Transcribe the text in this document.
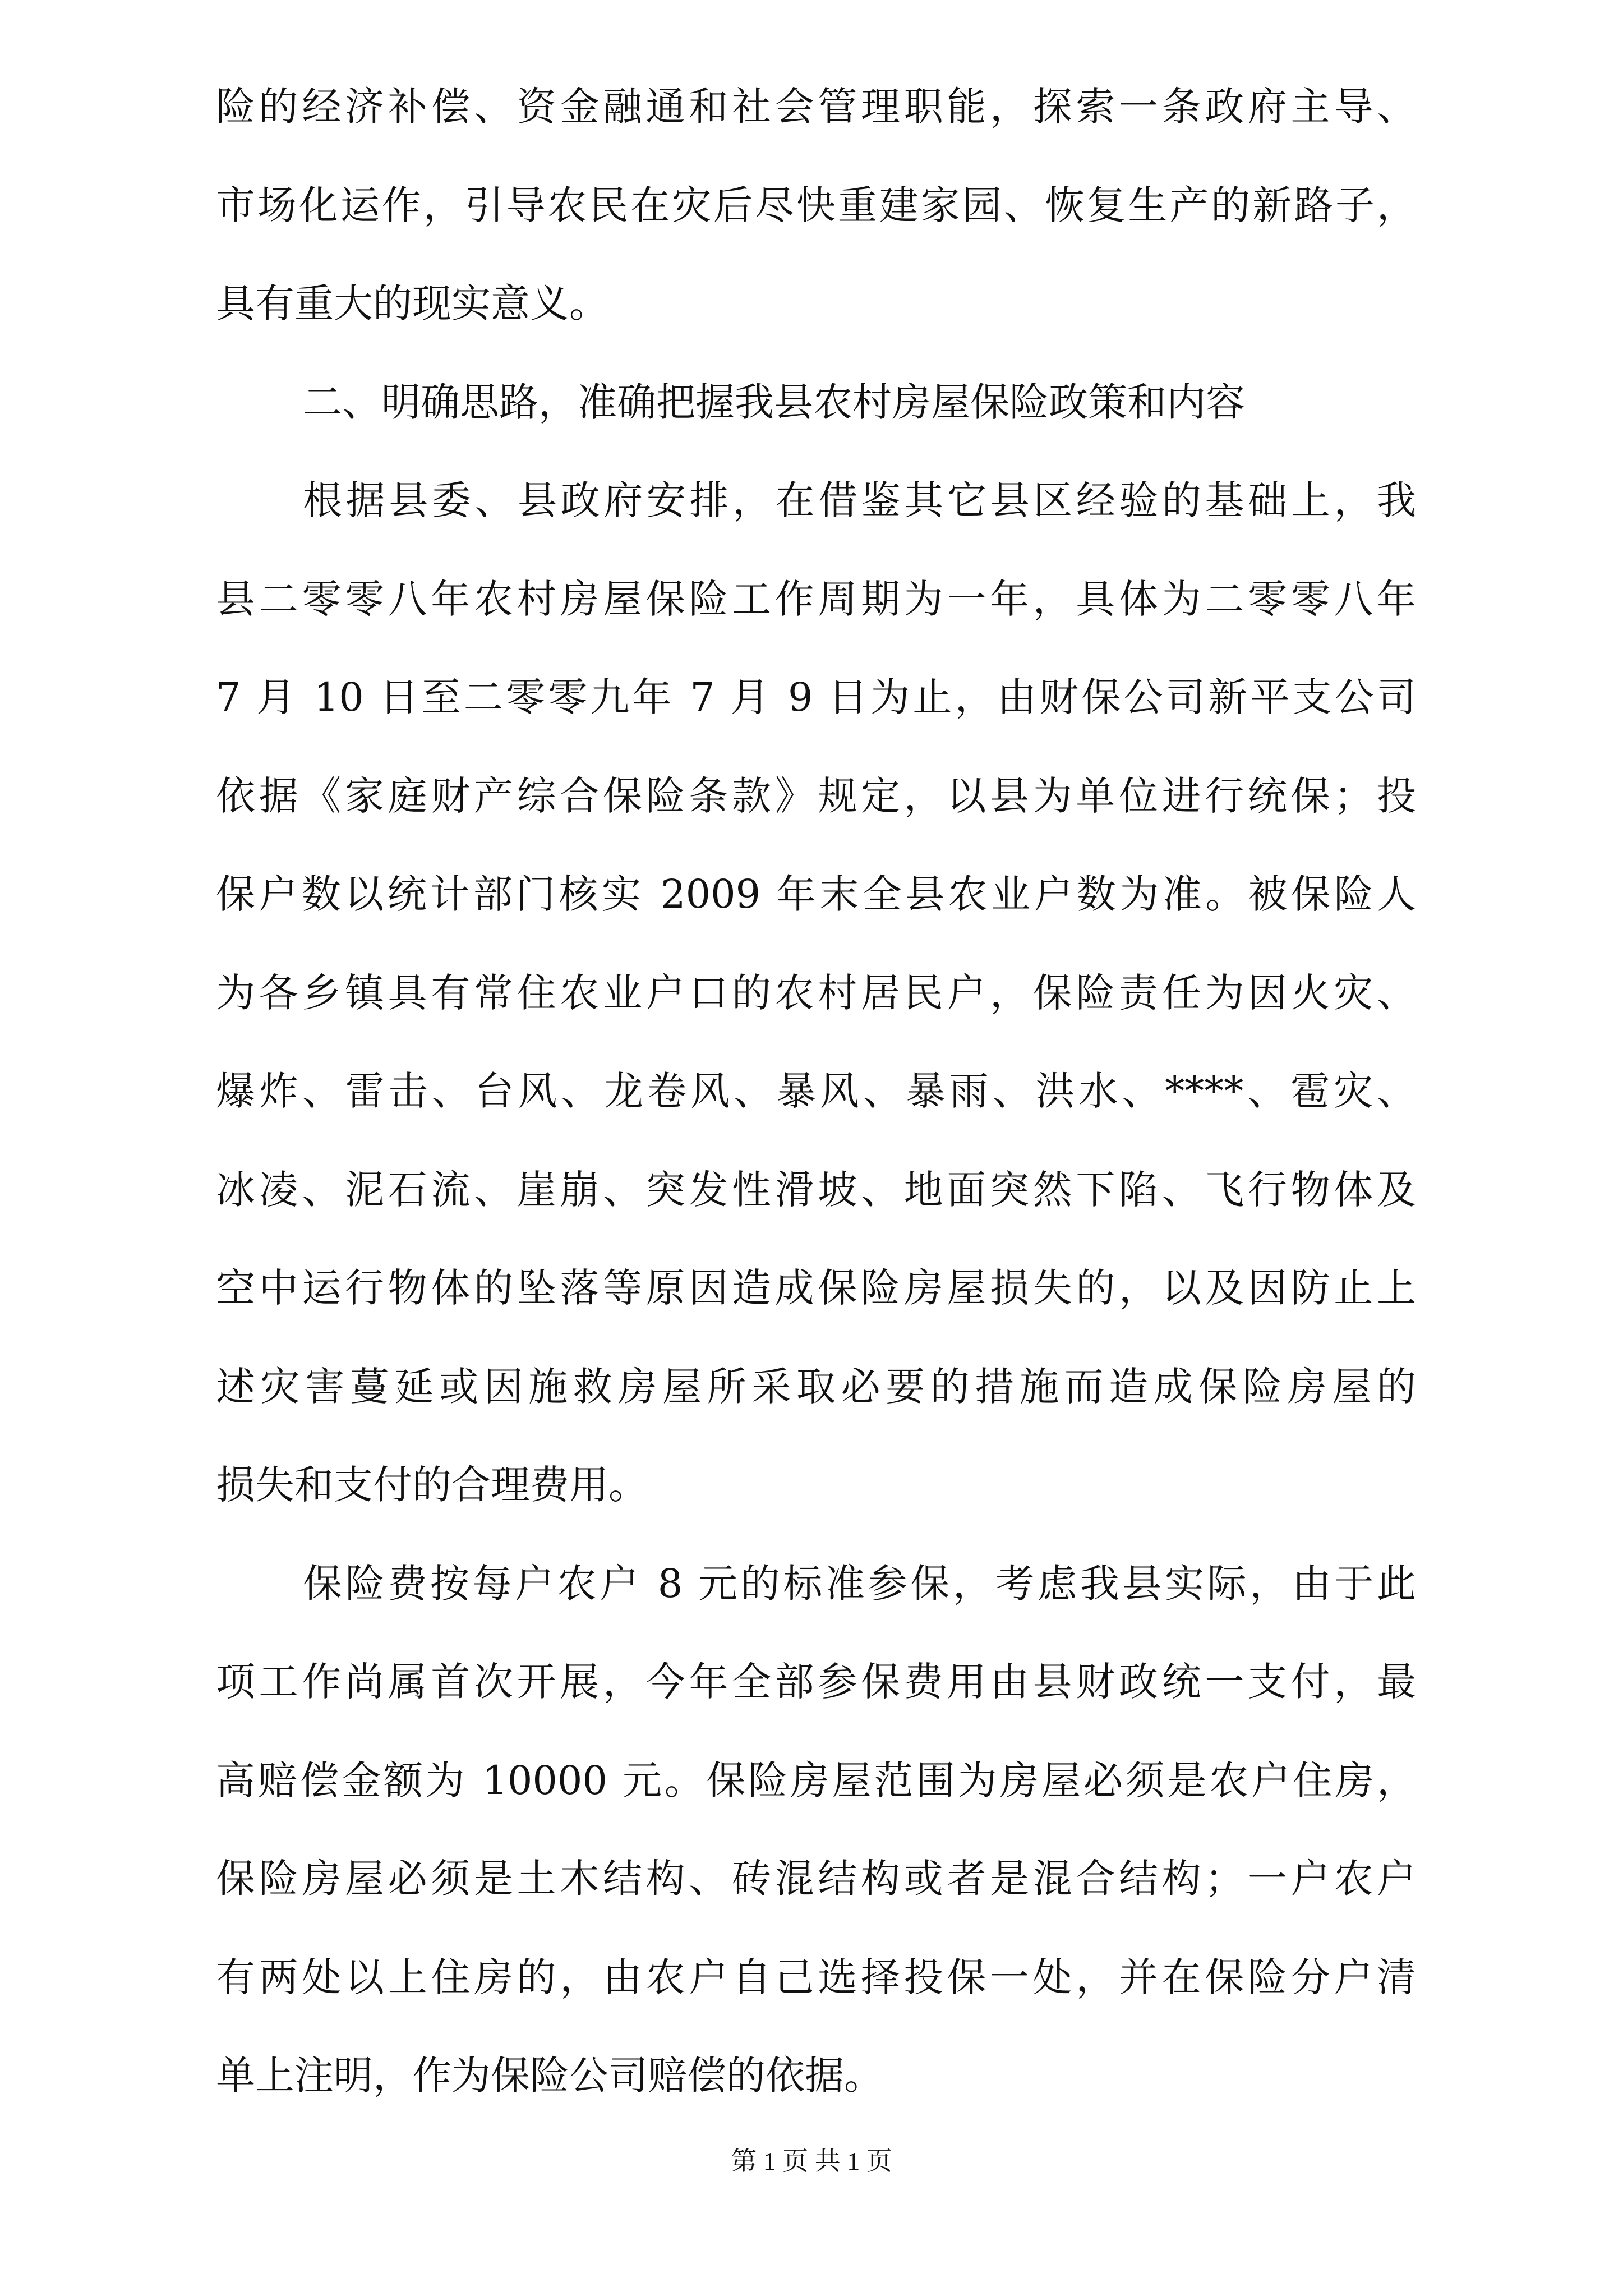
险的经济补偿、资金融通和社会管理职能，探索一条政府主导、
市场化运作，引导农民在灾后尽快重建家园、恢复生产的新路子，
具有重大的现实意义。
二、明确思路，准确把握我县农村房屋保险政策和内容
根据县委、县政府安排，在借鉴其它县区经验的基础上，我
县二零零八年农村房屋保险工作周期为一年，具体为二零零八年
7 月 10 日至二零零九年 7 月 9 日为止，由财保公司新平支公司
依据《家庭财产综合保险条款》规定，以县为单位进行统保；投
保户数以统计部门核实 2009 年末全县农业户数为准。被保险人
为各乡镇具有常住农业户口的农村居民户，保险责任为因火灾、
爆炸、雷击、台风、龙卷风、暴风、暴雨、洪水、****、雹灾、
冰凌、泥石流、崖崩、突发性滑坡、地面突然下陷、飞行物体及
空中运行物体的坠落等原因造成保险房屋损失的，以及因防止上
述灾害蔓延或因施救房屋所采取必要的措施而造成保险房屋的
损失和支付的合理费用。
保险费按每户农户 8 元的标准参保，考虑我县实际，由于此
项工作尚属首次开展，今年全部参保费用由县财政统一支付，最
高赔偿金额为 10000 元。保险房屋范围为房屋必须是农户住房，
保险房屋必须是土木结构、砖混结构或者是混合结构；一户农户
有两处以上住房的，由农户自己选择投保一处，并在保险分户清
单上注明，作为保险公司赔偿的依据。
第 1 页 共 1 页
